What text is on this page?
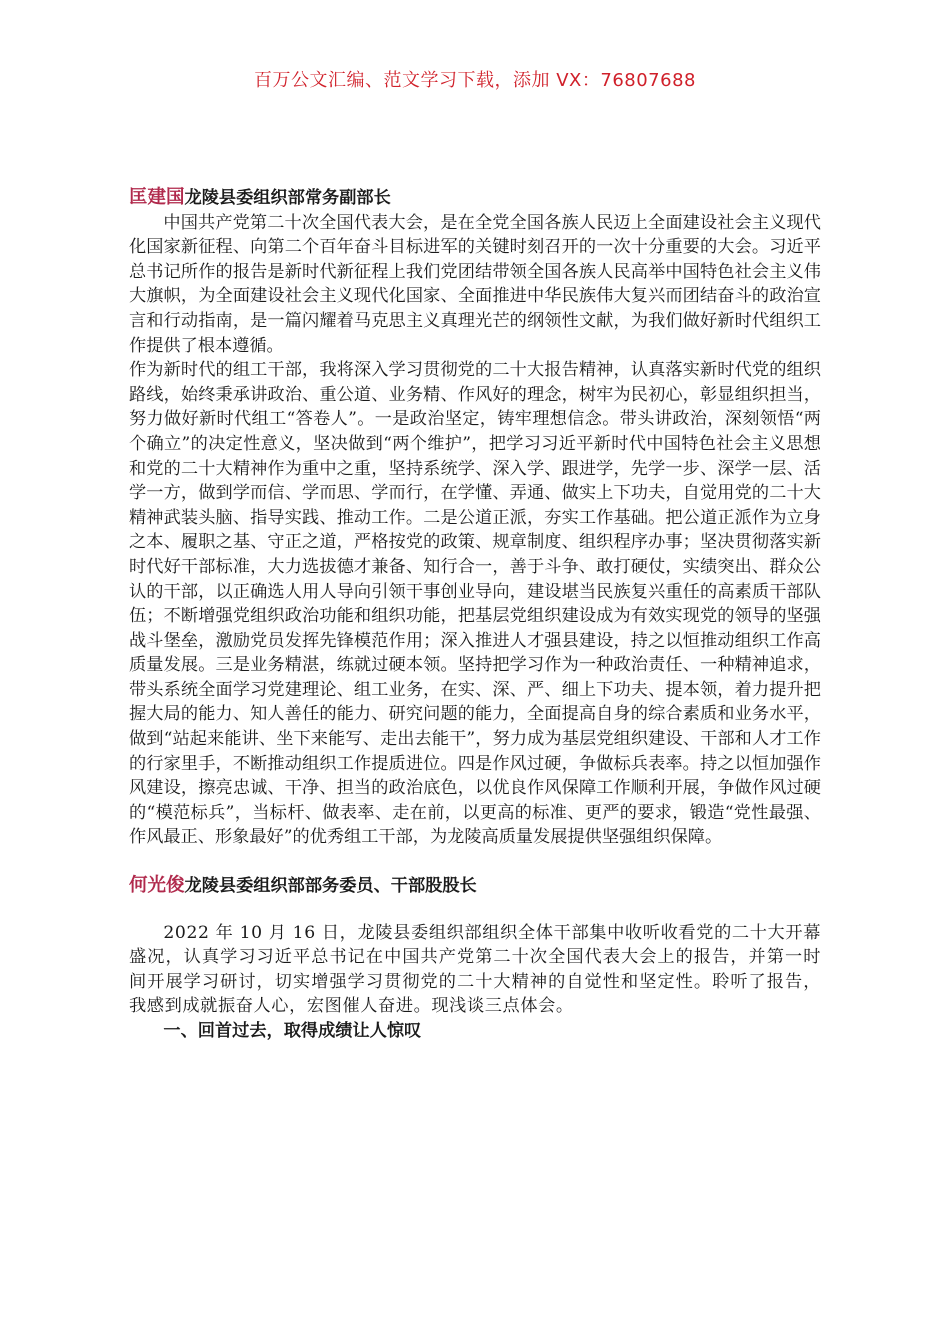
百万公文汇编、范文学习下载，添加 VX：76807688

匡建国龙陵县委组织部常务副部长

中国共产党第二十次全国代表大会，是在全党全国各族人民迈上全面建设社会主义现代化国家新征程、向第二个百年奋斗目标进军的关键时刻召开的一次十分重要的大会。习近平总书记所作的报告是新时代新征程上我们党团结带领全国各族人民高举中国特色社会主义伟大旗帜，为全面建设社会主义现代化国家、全面推进中华民族伟大复兴而团结奋斗的政治宣言和行动指南，是一篇闪耀着马克思主义真理光芒的纲领性文献，为我们做好新时代组织工作提供了根本遵循。

作为新时代的组工干部，我将深入学习贯彻党的二十大报告精神，认真落实新时代党的组织路线，始终秉承讲政治、重公道、业务精、作风好的理念，树牢为民初心，彰显组织担当，努力做好新时代组工“答卷人”。一是政治坚定，铸牢理想信念。带头讲政治，深刻领悟“两个确立”的决定性意义，坚决做到“两个维护”，把学习习近平新时代中国特色社会主义思想和党的二十大精神作为重中之重，坚持系统学、深入学、跟进学，先学一步、深学一层、活学一方，做到学而信、学而思、学而行，在学懂、弄通、做实上下功夫，自觉用党的二十大精神武装头脑、指导实践、推动工作。二是公道正派，夯实工作基础。把公道正派作为立身之本、履职之基、守正之道，严格按党的政策、规章制度、组织程序办事；坚决贯彻落实新时代好干部标准，大力选拔德才兼备、知行合一，善于斗争、敢打硬仗，实绩突出、群众公认的干部，以正确选人用人导向引领干事创业导向，建设堪当民族复兴重任的高素质干部队伍；不断增强党组织政治功能和组织功能，把基层党组织建设成为有效实现党的领导的坚强战斗堡垒，激励党员发挥先锋模范作用；深入推进人才强县建设，持之以恒推动组织工作高质量发展。三是业务精湛，练就过硬本领。坚持把学习作为一种政治责任、一种精神追求，带头系统全面学习党建理论、组工业务，在实、深、严、细上下功夫、提本领，着力提升把握大局的能力、知人善任的能力、研究问题的能力，全面提高自身的综合素质和业务水平，做到“站起来能讲、坐下来能写、走出去能干”，努力成为基层党组织建设、干部和人才工作的行家里手，不断推动组织工作提质进位。四是作风过硬，争做标兵表率。持之以恒加强作风建设，擦亮忠诚、干净、担当的政治底色，以优良作风保障工作顺利开展，争做作风过硬的“模范标兵”，当标杆、做表率、走在前，以更高的标准、更严的要求，锻造“党性最强、作风最正、形象最好”的优秀组工干部，为龙陵高质量发展提供坚强组织保障。

何光俊龙陵县委组织部部务委员、干部股股长

2022 年 10 月 16 日，龙陵县委组织部组织全体干部集中收听收看党的二十大开幕盛况，认真学习习近平总书记在中国共产党第二十次全国代表大会上的报告，并第一时间开展学习研讨，切实增强学习贯彻党的二十大精神的自觉性和坚定性。聆听了报告，我感到成就振奋人心，宏图催人奋进。现浅谈三点体会。

一、回首过去，取得成绩让人惊叹
